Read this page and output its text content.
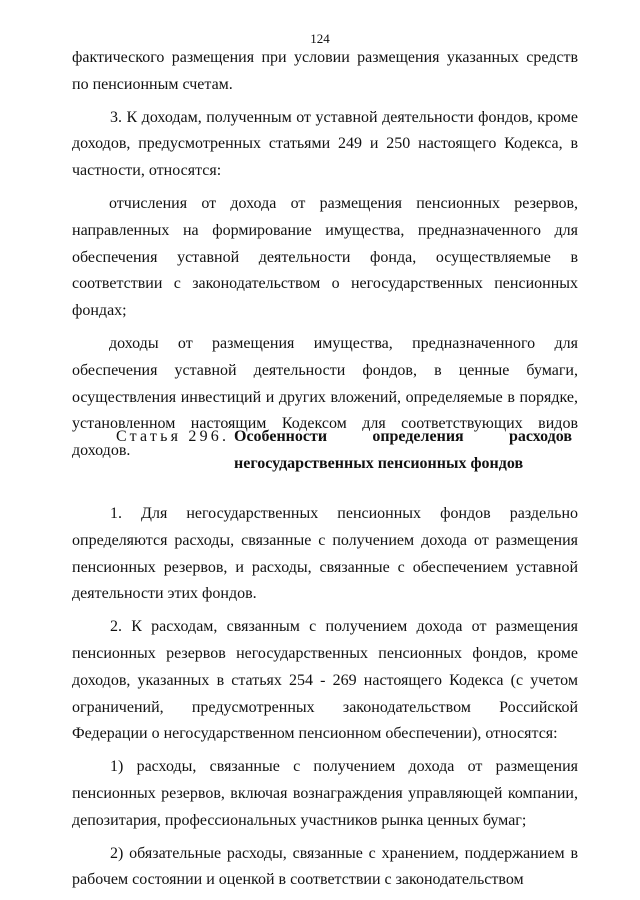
124

фактического размещения при условии размещения указанных средств по пенсионным счетам.

3. К доходам, полученным от уставной деятельности фондов, кроме доходов, предусмотренных статьями 249 и 250 настоящего Кодекса, в частности, относятся:

отчисления от дохода от размещения пенсионных резервов, направленных на формирование имущества, предназначенного для обеспечения уставной деятельности фонда, осуществляемые в соответствии с законодательством о негосударственных пенсионных фондах;

доходы от размещения имущества, предназначенного для обеспечения уставной деятельности фондов, в ценные бумаги, осуществления инвестиций и других вложений, определяемые в порядке, установленном настоящим Кодексом для соответствующих видов доходов.

Статья 296. Особенности определения расходов негосударственных пенсионных фондов

1. Для негосударственных пенсионных фондов раздельно определяются расходы, связанные с получением дохода от размещения пенсионных резервов, и расходы, связанные с обеспечением уставной деятельности этих фондов.

2. К расходам, связанным с получением дохода от размещения пенсионных резервов негосударственных пенсионных фондов, кроме доходов, указанных в статьях 254 - 269 настоящего Кодекса (с учетом ограничений, предусмотренных законодательством Российской Федерации о негосударственном пенсионном обеспечении), относятся:

1) расходы, связанные с получением дохода от размещения пенсионных резервов, включая вознаграждения управляющей компании, депозитария, профессиональных участников рынка ценных бумаг;

2) обязательные расходы, связанные с хранением, поддержанием в рабочем состоянии и оценкой в соответствии с законодательством
